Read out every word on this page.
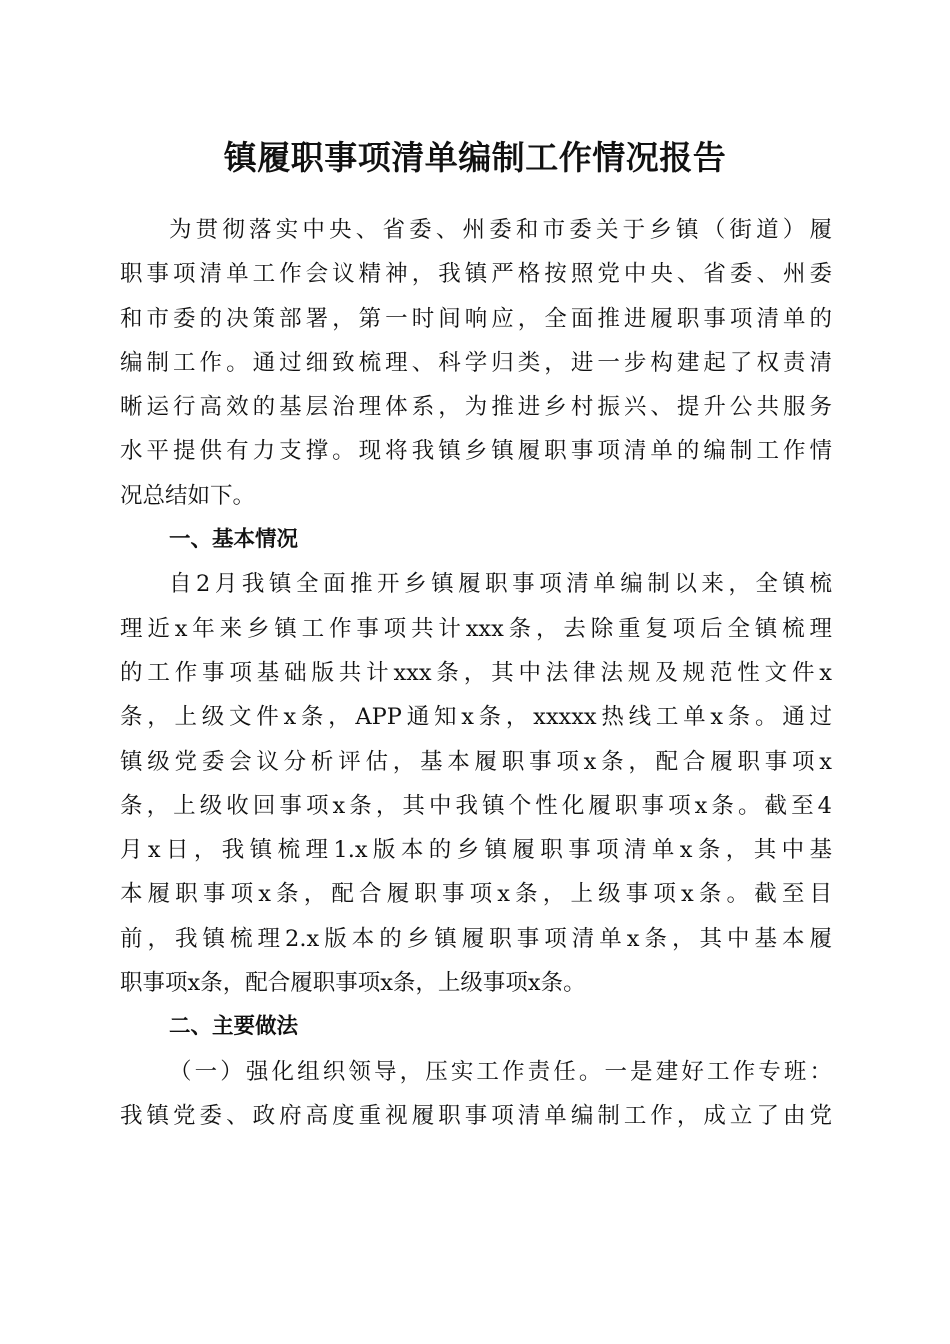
镇履职事项清单编制工作情况报告
为贯彻落实中央、省委、州委和市委关于乡镇（街道）履
职事项清单工作会议精神，我镇严格按照党中央、省委、州委
和市委的决策部署，第一时间响应，全面推进履职事项清单的
编制工作。通过细致梳理、科学归类，进一步构建起了权责清
晰运行高效的基层治理体系，为推进乡村振兴、提升公共服务
水平提供有力支撑。现将我镇乡镇履职事项清单的编制工作情
况总结如下。
一、基本情况
自2月我镇全面推开乡镇履职事项清单编制以来，全镇梳
理近x年来乡镇工作事项共计xxx条，去除重复项后全镇梳理
的工作事项基础版共计xxx条，其中法律法规及规范性文件x
条，上级文件x条，APP通知x条，xxxxx热线工单x条。通过
镇级党委会议分析评估，基本履职事项x条，配合履职事项x
条，上级收回事项x条，其中我镇个性化履职事项x条。截至4
月x日，我镇梳理1.x版本的乡镇履职事项清单x条，其中基
本履职事项x条，配合履职事项x条，上级事项x条。截至目
前，我镇梳理2.x版本的乡镇履职事项清单x条，其中基本履
职事项x条，配合履职事项x条，上级事项x条。
二、主要做法
（一）强化组织领导，压实工作责任。一是建好工作专班：
我镇党委、政府高度重视履职事项清单编制工作，成立了由党
